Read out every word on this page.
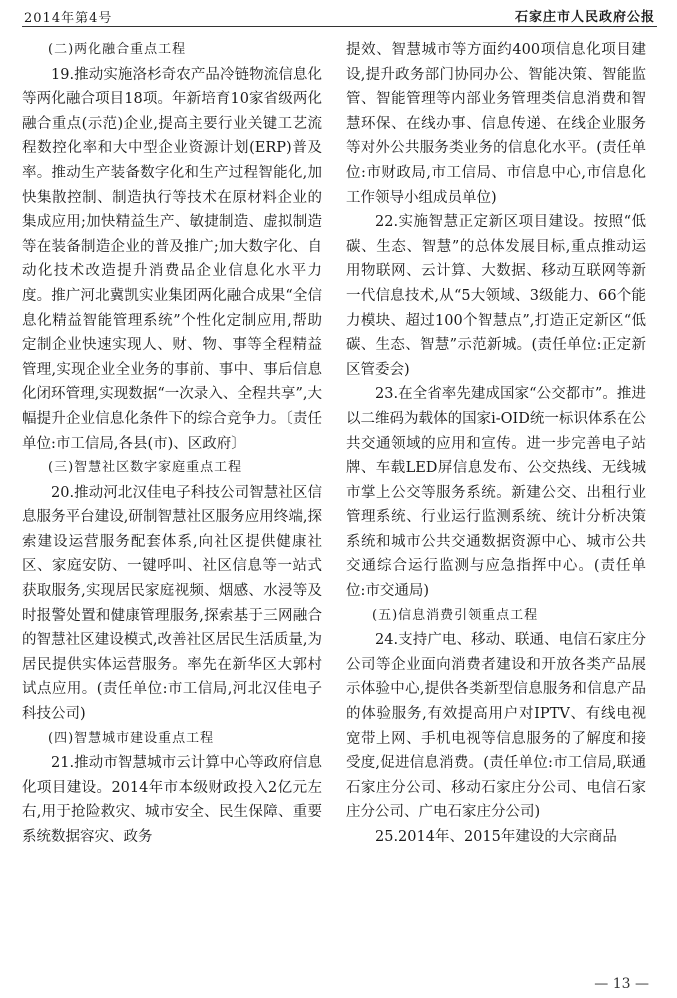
2014年第4号	石家庄市人民政府公报

(二)两化融合重点工程

19.推动实施洛杉奇农产品冷链物流信息化等两化融合项目18项。年新培育10家省级两化融合重点(示范)企业,提高主要行业关键工艺流程数控化率和大中型企业资源计划(ERP)普及率。推动生产装备数字化和生产过程智能化,加快集散控制、制造执行等技术在原材料企业的集成应用;加快精益生产、敏捷制造、虚拟制造等在装备制造企业的普及推广;加大数字化、自动化技术改造提升消费品企业信息化水平力度。推广河北冀凯实业集团两化融合成果“全信息化精益智能管理系统”个性化定制应用,帮助定制企业快速实现人、财、物、事等全程精益管理,实现企业全业务的事前、事中、事后信息化闭环管理,实现数据“一次录入、全程共享”,大幅提升企业信息化条件下的综合竞争力。〔责任单位:市工信局,各县(市)、区政府〕

(三)智慧社区数字家庭重点工程

20.推动河北汉佳电子科技公司智慧社区信息服务平台建设,研制智慧社区服务应用终端,探索建设运营服务配套体系,向社区提供健康社区、家庭安防、一键呼叫、社区信息等一站式获取服务,实现居民家庭视频、烟感、水浸等及时报警处置和健康管理服务,探索基于三网融合的智慧社区建设模式,改善社区居民生活质量,为居民提供实体运营服务。率先在新华区大郭村试点应用。(责任单位:市工信局,河北汉佳电子科技公司)

(四)智慧城市建设重点工程

21.推动市智慧城市云计算中心等政府信息化项目建设。2014年市本级财政投入2亿元左右,用于抢险救灾、城市安全、民生保障、重要系统数据容灾、政务

提效、智慧城市等方面约400项信息化项目建设,提升政务部门协同办公、智能决策、智能监管、智能管理等内部业务管理类信息消费和智慧环保、在线办事、信息传递、在线企业服务等对外公共服务类业务的信息化水平。(责任单位:市财政局,市工信局、市信息中心,市信息化工作领导小组成员单位)

22.实施智慧正定新区项目建设。按照“低碳、生态、智慧”的总体发展目标,重点推动运用物联网、云计算、大数据、移动互联网等新一代信息技术,从“5大领域、3级能力、66个能力模块、超过100个智慧点”,打造正定新区“低碳、生态、智慧”示范新城。(责任单位:正定新区管委会)

23.在全省率先建成国家“公交都市”。推进以二维码为载体的国家i-OID统一标识体系在公共交通领域的应用和宣传。进一步完善电子站牌、车载LED屏信息发布、公交热线、无线城市掌上公交等服务系统。新建公交、出租行业管理系统、行业运行监测系统、统计分析决策系统和城市公共交通数据资源中心、城市公共交通综合运行监测与应急指挥中心。(责任单位:市交通局)

(五)信息消费引领重点工程

24.支持广电、移动、联通、电信石家庄分公司等企业面向消费者建设和开放各类产品展示体验中心,提供各类新型信息服务和信息产品的体验服务,有效提高用户对IPTV、有线电视宽带上网、手机电视等信息服务的了解度和接受度,促进信息消费。(责任单位:市工信局,联通石家庄分公司、移动石家庄分公司、电信石家庄分公司、广电石家庄分公司)

25.2014年、2015年建设的大宗商品

— 13 —
